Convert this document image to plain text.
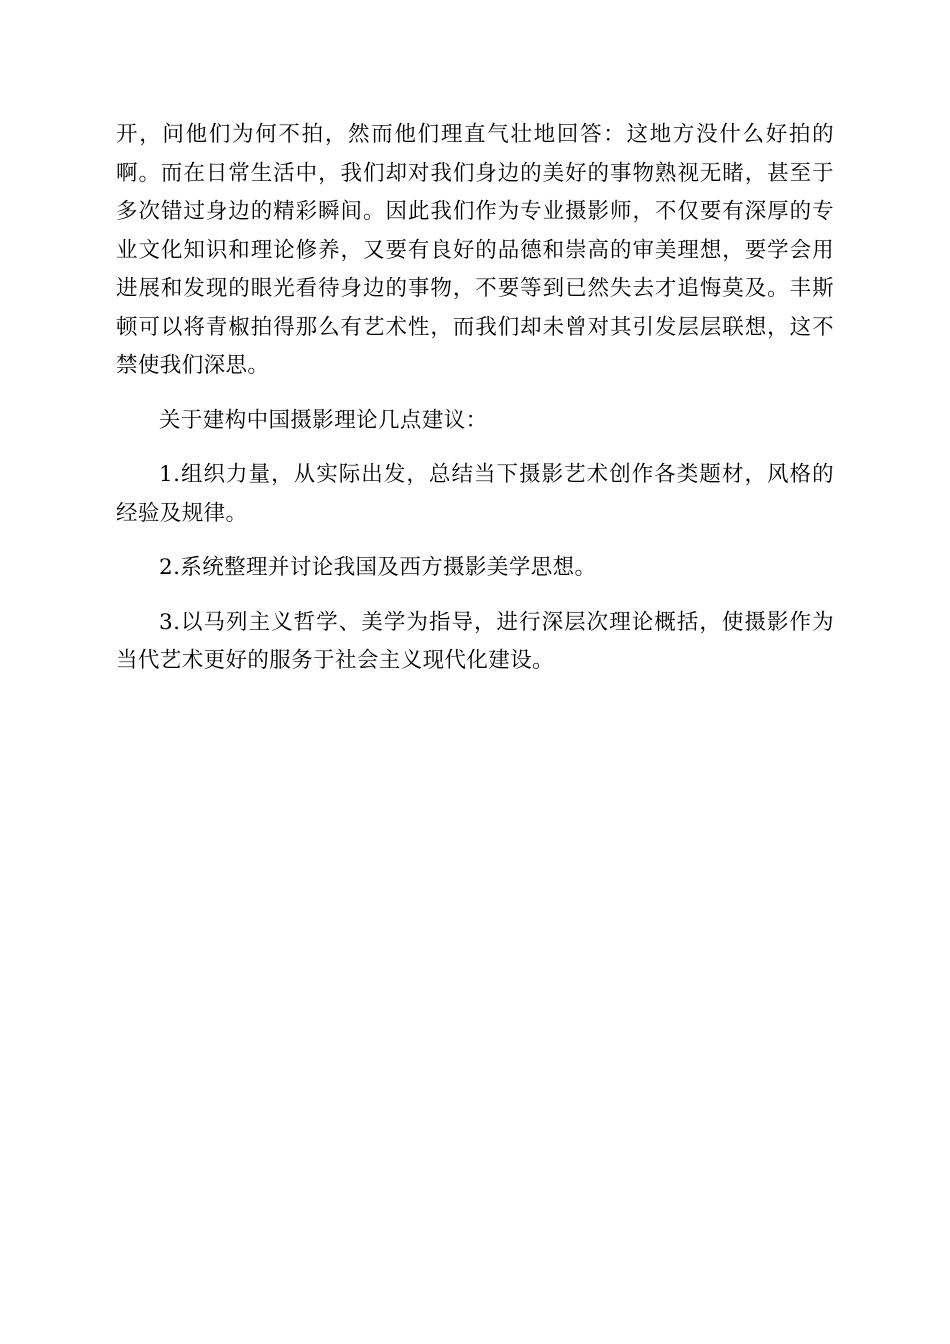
开，问他们为何不拍，然而他们理直气壮地回答：这地方没什么好拍的啊。而在日常生活中，我们却对我们身边的美好的事物熟视无睹，甚至于多次错过身边的精彩瞬间。因此我们作为专业摄影师，不仅要有深厚的专业文化知识和理论修养，又要有良好的品德和崇高的审美理想，要学会用进展和发现的眼光看待身边的事物，不要等到已然失去才追悔莫及。丰斯顿可以将青椒拍得那么有艺术性，而我们却未曾对其引发层层联想，这不禁使我们深思。

关于建构中国摄影理论几点建议：

1.组织力量，从实际出发，总结当下摄影艺术创作各类题材，风格的经验及规律。

2.系统整理并讨论我国及西方摄影美学思想。

3.以马列主义哲学、美学为指导，进行深层次理论概括，使摄影作为当代艺术更好的服务于社会主义现代化建设。
